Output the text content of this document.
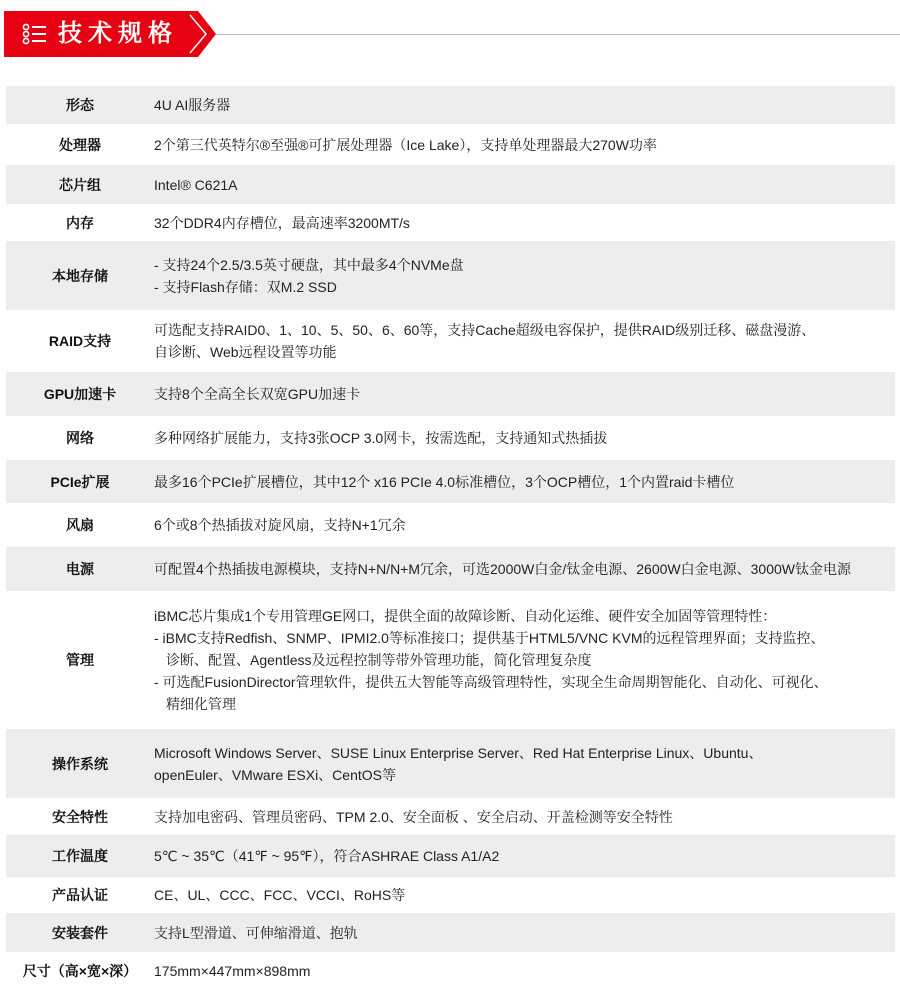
技术规格
形态	4U AI服务器

处理器	2个第三代英特尔®至强®可扩展处理器（Ice Lake），支持单处理器最大270W功率

芯片组	Intel® C621A

内存	32个DDR4内存槽位，最高速率3200MT/s

本地存储	- 支持24个2.5/3.5英寸硬盘，其中最多4个NVMe盘
- 支持Flash存储：双M.2 SSD

RAID支持	可选配支持RAID0、1、10、5、50、6、60等，支持Cache超级电容保护，提供RAID级别迁移、磁盘漫游、
自诊断、Web远程设置等功能

GPU加速卡	支持8个全高全长双宽GPU加速卡

网络	多种网络扩展能力，支持3张OCP 3.0网卡，按需选配，支持通知式热插拔

PCIe扩展	最多16个PCIe扩展槽位，其中12个 x16 PCIe 4.0标准槽位，3个OCP槽位，1个内置raid卡槽位

风扇	6个或8个热插拔对旋风扇，支持N+1冗余

电源	可配置4个热插拔电源模块，支持N+N/N+M冗余，可选2000W白金/钛金电源、2600W白金电源、3000W钛金电源

管理	iBMC芯片集成1个专用管理GE网口，提供全面的故障诊断、自动化运维、硬件安全加固等管理特性：
- iBMC支持Redfish、SNMP、IPMI2.0等标准接口；提供基于HTML5/VNC KVM的远程管理界面；支持监控、
诊断、配置、Agentless及远程控制等带外管理功能，简化管理复杂度
- 可选配FusionDirector管理软件，提供五大智能等高级管理特性，实现全生命周期智能化、自动化、可视化、
精细化管理

操作系统	Microsoft Windows Server、SUSE Linux Enterprise Server、Red Hat Enterprise Linux、Ubuntu、
openEuler、VMware ESXi、CentOS等

安全特性	支持加电密码、管理员密码、TPM 2.0、安全面板 、安全启动、开盖检测等安全特性

工作温度	5℃ ~ 35℃（41℉ ~ 95℉），符合ASHRAE Class A1/A2

产品认证	CE、UL、CCC、FCC、VCCI、RoHS等

安装套件	支持L型滑道、可伸缩滑道、抱轨

尺寸（高×宽×深）	175mm×447mm×898mm
